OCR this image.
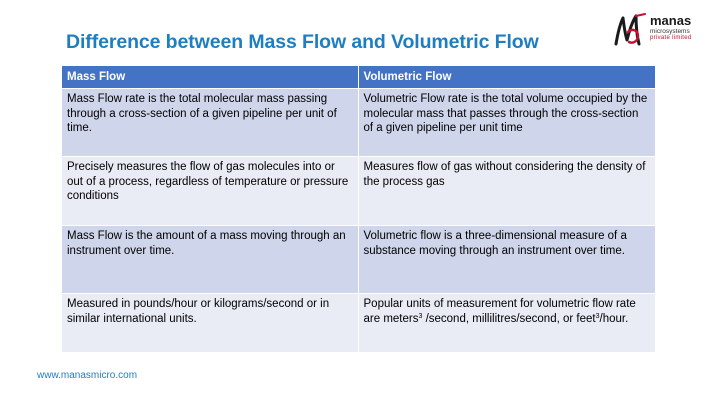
Difference between Mass Flow and Volumetric Flow
manas
microsystems
private limited
Mass Flow	Volumetric Flow
Mass Flow rate is the total molecular mass passing through a cross-section of a given pipeline per unit of time.	Volumetric Flow rate is the total volume occupied by the molecular mass that passes through the cross-section of a given pipeline per unit time
Precisely measures the flow of gas molecules into or out of a process, regardless of temperature or pressure conditions	Measures flow of gas without considering the density of the process gas
Mass Flow is the amount of a mass moving through an instrument over time.	Volumetric flow is a three-dimensional measure of a substance moving through an instrument over time.
Measured in pounds/hour or kilograms/second or in similar international units.	Popular units of measurement for volumetric flow rate are meters$^3$ /second, millilitres/second, or feet$^3$/hour.
www.manasmicro.com
